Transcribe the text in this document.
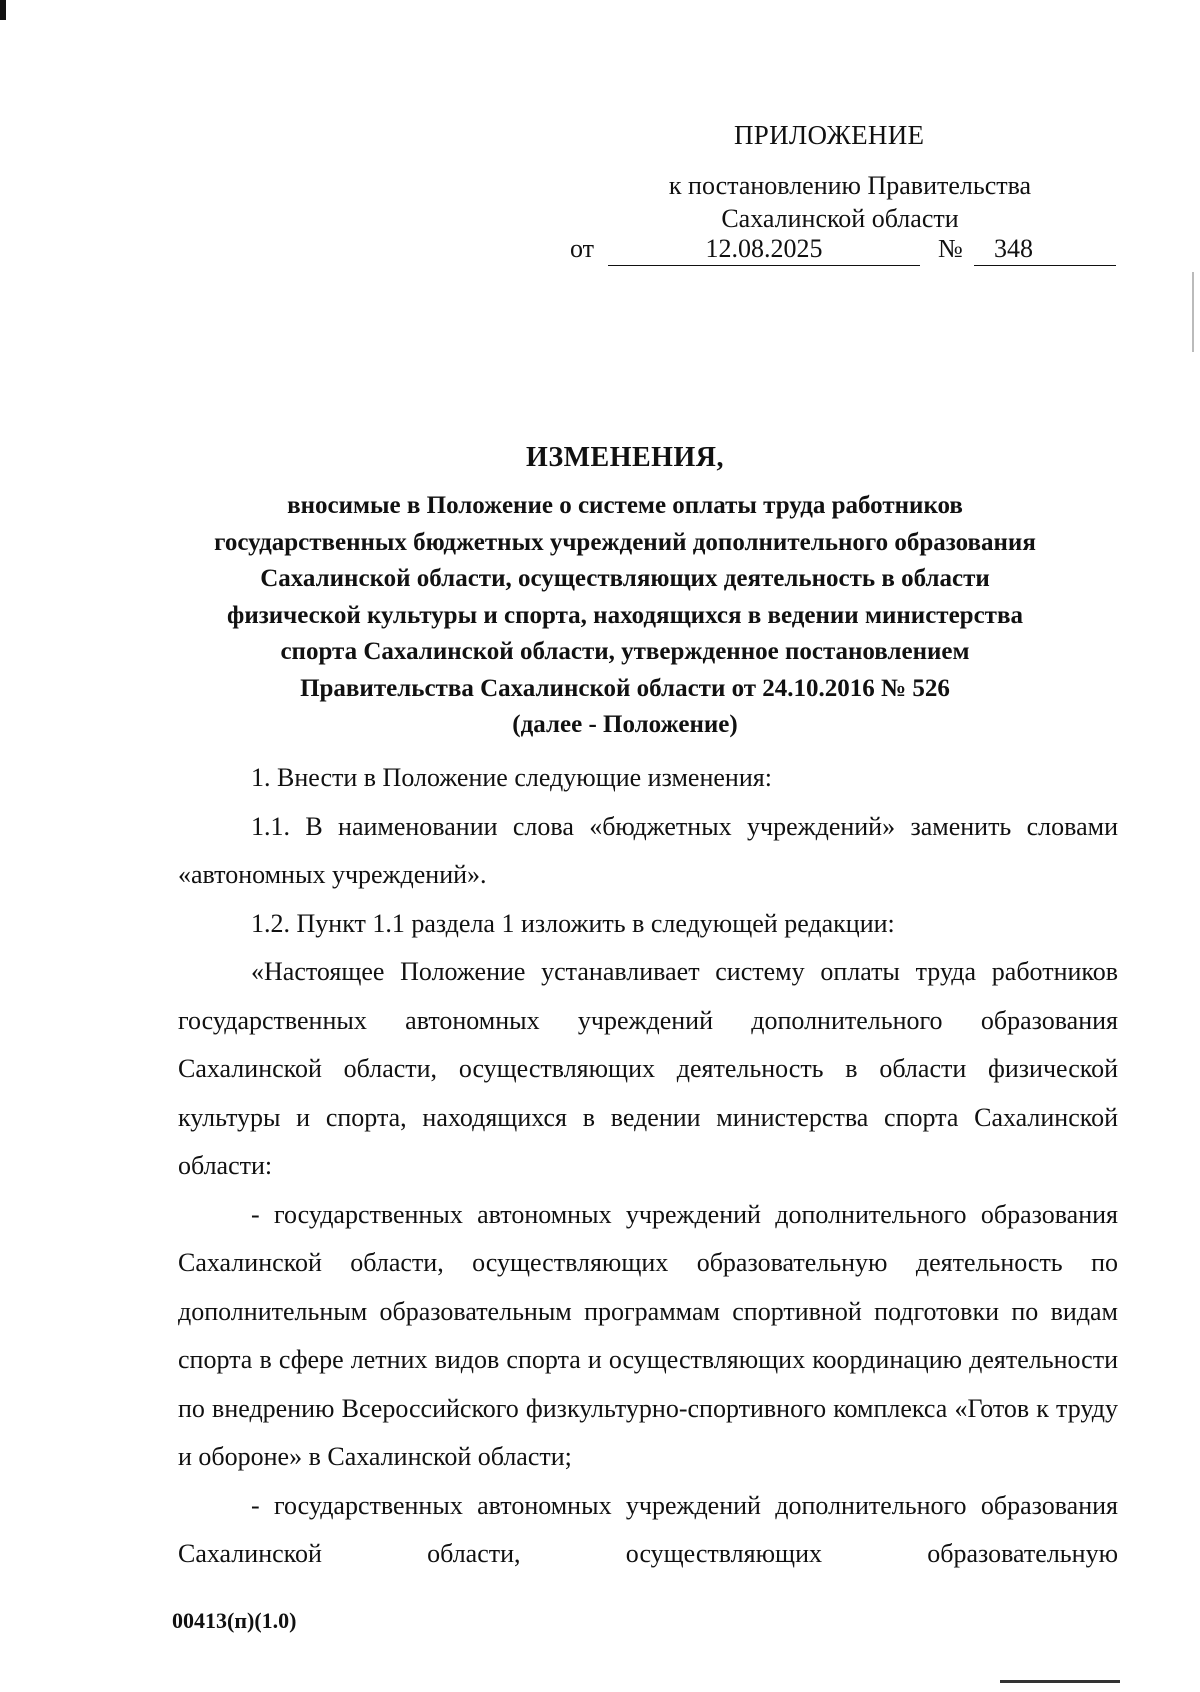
ПРИЛОЖЕНИЕ
к постановлению Правительства
Сахалинской области
от	12.08.2025	№	348
ИЗМЕНЕНИЯ,
вносимые в Положение о системе оплаты труда работников
государственных бюджетных учреждений дополнительного образования
Сахалинской области, осуществляющих деятельность в области
физической культуры и спорта, находящихся в ведении министерства
спорта Сахалинской области, утвержденное постановлением
Правительства Сахалинской области от 24.10.2016 № 526
(далее - Положение)

1. Внести в Положение следующие изменения:

1.1. В наименовании слова «бюджетных учреждений» заменить словами «автономных учреждений».

1.2. Пункт 1.1 раздела 1 изложить в следующей редакции:

«Настоящее Положение устанавливает систему оплаты труда работников государственных автономных учреждений дополнительного образования Сахалинской области, осуществляющих деятельность в области физической культуры и спорта, находящихся в ведении министерства спорта Сахалинской области:

- государственных автономных учреждений дополнительного образования Сахалинской области, осуществляющих образовательную деятельность по дополнительным образовательным программам спортивной подготовки по видам спорта в сфере летних видов спорта и осуществляющих координацию деятельности по внедрению Всероссийского физкультурно-спортивного комплекса «Готов к труду и обороне» в Сахалинской области;

- государственных автономных учреждений дополнительного образования Сахалинской области, осуществляющих образовательную

00413(п)(1.0)
